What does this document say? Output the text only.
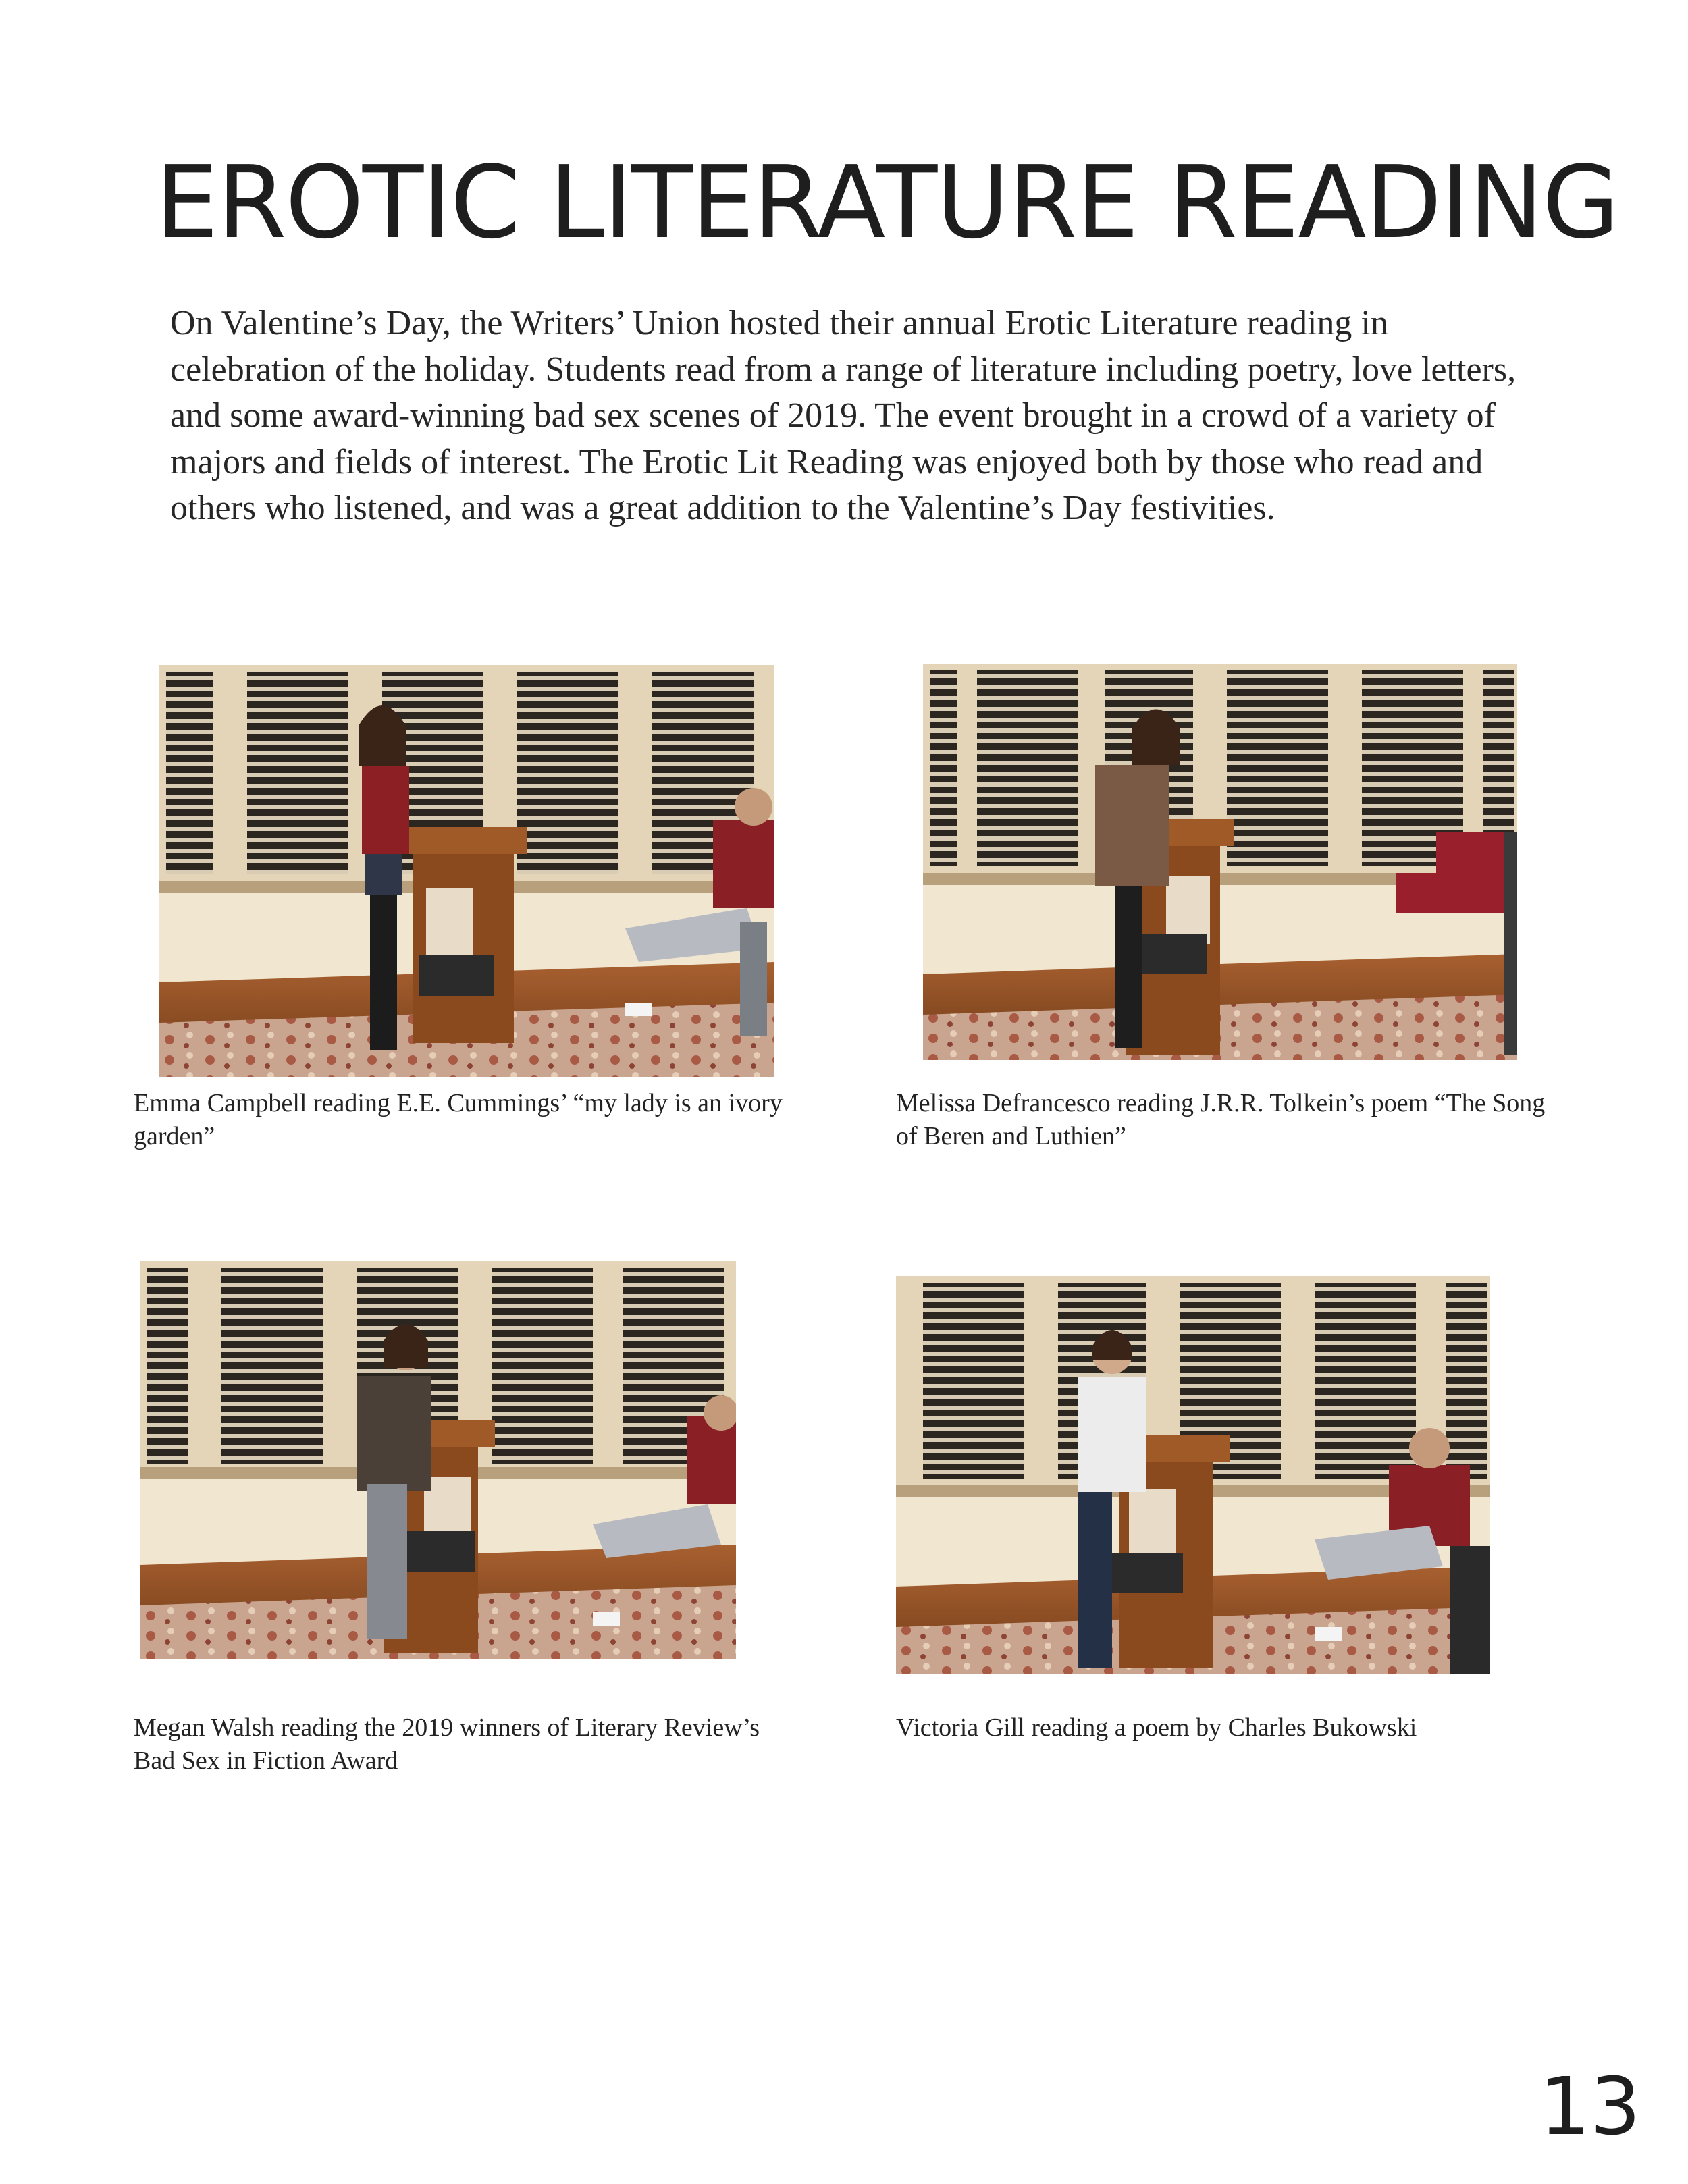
EROTIC LITERATURE READING

On Valentine’s Day, the Writers’ Union hosted their annual Erotic Literature reading in celebration of the holiday. Students read from a range of literature including poetry, love letters, and some award-winning bad sex scenes of 2019. The event brought in a crowd of a variety of majors and fields of interest. The Erotic Lit Reading was enjoyed both by those who read and others who listened, and was a great addition to the Valentine’s Day festivities.

Emma Campbell reading E.E. Cummings’ “my lady is an ivory garden”

Melissa Defrancesco reading J.R.R. Tolkein’s poem “The Song of Beren and Luthien”

Megan Walsh reading the 2019 winners of Literary Review’s Bad Sex in Fiction Award

Victoria Gill reading a poem by Charles Bukowski

13
